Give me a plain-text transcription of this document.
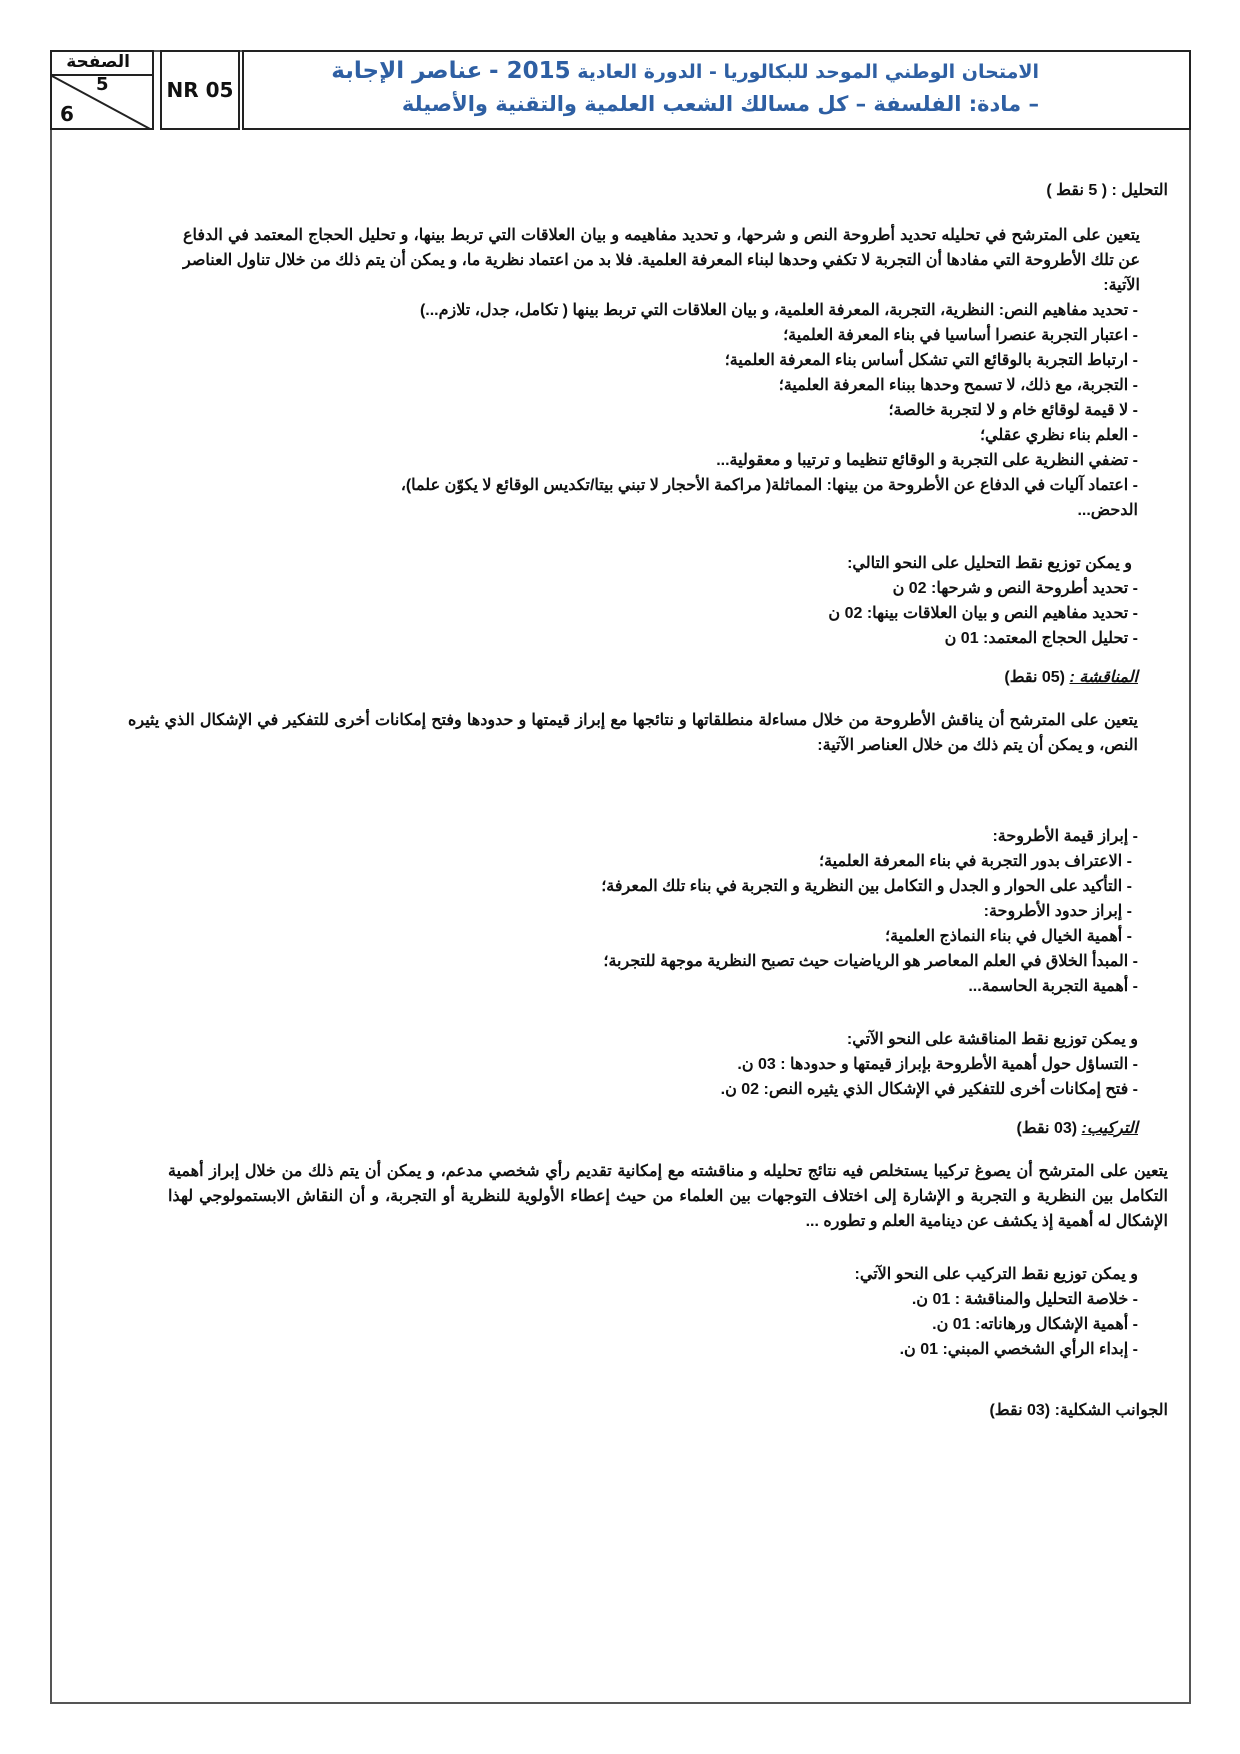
الصفحة
5
6
NR 05
الامتحان الوطني الموحد للبكالوريا - الدورة العادية 2015 - عناصر الإجابة
– مادة: الفلسفة – كل مسالك الشعب العلمية والتقنية والأصيلة

التحليل : ( 5 نقط )

يتعين على المترشح في تحليله تحديد أطروحة النص و شرحها، و تحديد مفاهيمه و بيان العلاقات التي تربط بينها، و تحليل الحجاج المعتمد في الدفاع عن تلك الأطروحة التي مفادها أن التجربة لا تكفي وحدها لبناء المعرفة العلمية. فلا بد من اعتماد نظرية ما، و يمكن أن يتم ذلك من خلال تناول العناصر الآتية:

- تحديد مفاهيم النص: النظرية، التجربة، المعرفة العلمية، و بيان العلاقات التي تربط بينها ( تكامل، جدل، تلازم...)

- اعتبار التجربة عنصرا أساسيا في بناء المعرفة العلمية؛

- ارتباط التجربة بالوقائع التي تشكل أساس بناء المعرفة العلمية؛

- التجربة، مع ذلك، لا تسمح وحدها ببناء المعرفة العلمية؛

- لا قيمة لوقائع خام و لا لتجربة خالصة؛

- العلم بناء نظري عقلي؛

- تضفي النظرية على التجربة و الوقائع تنظيما و ترتيبا و معقولية...

- اعتماد آليات في الدفاع عن الأطروحة من بينها: المماثلة( مراكمة الأحجار لا تبني بيتا/تكديس الوقائع لا يكوّن علما)، الدحض...

و يمكن توزيع نقط التحليل على النحو التالي:

- تحديد أطروحة النص و شرحها: 02 ن

- تحديد مفاهيم النص و بيان العلاقات بينها: 02 ن

- تحليل الحجاج المعتمد: 01 ن

المناقشة : (05 نقط)

يتعين على المترشح أن يناقش الأطروحة من خلال مساءلة منطلقاتها و نتائجها مع إبراز قيمتها و حدودها وفتح إمكانات أخرى للتفكير في الإشكال الذي يثيره النص، و يمكن أن يتم ذلك من خلال العناصر الآتية:

- إبراز قيمة الأطروحة:

- الاعتراف بدور التجربة في بناء المعرفة العلمية؛

- التأكيد على الحوار و الجدل و التكامل بين النظرية و التجربة في بناء تلك المعرفة؛

- إبراز حدود الأطروحة:

- أهمية الخيال في بناء النماذج العلمية؛

- المبدأ الخلاق في العلم المعاصر هو الرياضيات حيث تصبح النظرية موجهة للتجربة؛

- أهمية التجربة الحاسمة...

و يمكن توزيع نقط المناقشة على النحو الآتي:

- التساؤل حول أهمية الأطروحة بإبراز قيمتها و حدودها : 03 ن.

- فتح إمكانات أخرى للتفكير في الإشكال الذي يثيره النص: 02 ن.

التركيب: (03 نقط)

يتعين على المترشح أن يصوغ تركيبا يستخلص فيه نتائج تحليله و مناقشته مع إمكانية تقديم رأي شخصي مدعم، و يمكن أن يتم ذلك من خلال إبراز أهمية التكامل بين النظرية و التجربة و الإشارة إلى اختلاف التوجهات بين العلماء من حيث إعطاء الأولوية للنظرية أو التجربة، و أن النقاش الابستمولوجي لهذا الإشكال له أهمية إذ يكشف عن دينامية العلم و تطوره ...

و يمكن توزيع نقط التركيب على النحو الآتي:

- خلاصة التحليل والمناقشة : 01 ن.

- أهمية الإشكال ورهاناته: 01 ن.

- إبداء الرأي الشخصي المبني: 01 ن.

الجوانب الشكلية: (03 نقط)
